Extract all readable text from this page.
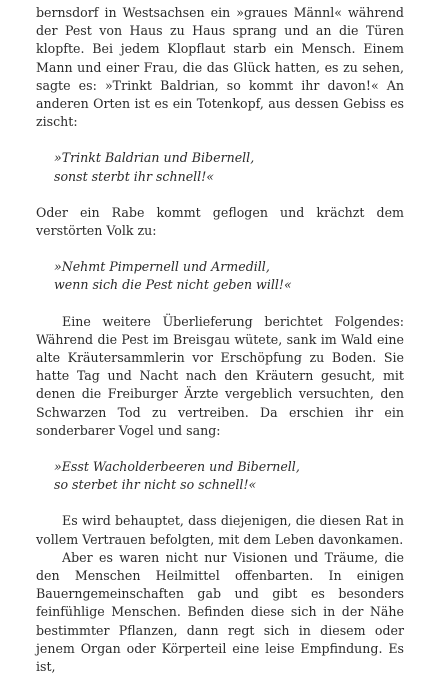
bernsdorf in Westsachsen ein »graues Männl« während der Pest von Haus zu Haus sprang und an die Türen klopfte. Bei jedem Klopflaut starb ein Mensch. Einem Mann und einer Frau, die das Glück hatten, es zu sehen, sagte es: »Trinkt Baldrian, so kommt ihr davon!« An anderen Orten ist es ein Totenkopf, aus dessen Gebiss es zischt:

»Trinkt Baldrian und Bibernell,
sonst sterbt ihr schnell!«

Oder ein Rabe kommt geflogen und krächzt dem verstörten Volk zu:

»Nehmt Pimpernell und Armedill,
wenn sich die Pest nicht geben will!«

Eine weitere Überlieferung berichtet Folgendes: Während die Pest im Breisgau wütete, sank im Wald eine alte Kräutersammlerin vor Erschöpfung zu Boden. Sie hatte Tag und Nacht nach den Kräutern gesucht, mit denen die Freiburger Ärzte vergeblich versuchten, den Schwarzen Tod zu vertreiben. Da erschien ihr ein sonderbarer Vogel und sang:

»Esst Wacholderbeeren und Bibernell,
so sterbet ihr nicht so schnell!«

Es wird behauptet, dass diejenigen, die diesen Rat in vollem Vertrauen befolgten, mit dem Leben davonkamen.

Aber es waren nicht nur Visionen und Träume, die den Menschen Heilmittel offenbarten. In einigen Bauerngemeinschaften gab und gibt es besonders feinfühlige Menschen. Befinden diese sich in der Nähe bestimmter Pflanzen, dann regt sich in diesem oder jenem Organ oder Körperteil eine leise Empfindung. Es ist,
